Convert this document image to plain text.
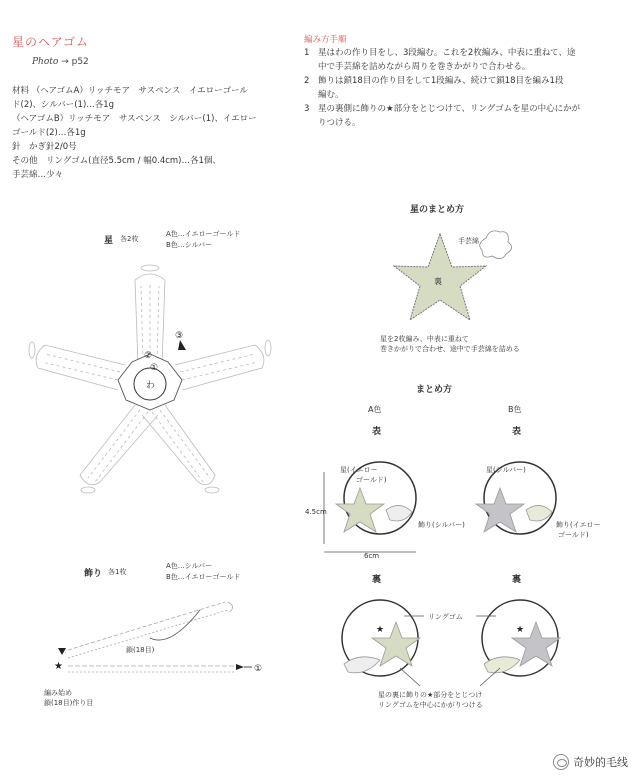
星のヘアゴム
Photo → p52
材料 （ヘアゴムA）リッチモア　サスペンス　イエローゴール
ド(2)、シルバー(1)…各1g
（ヘアゴムB）リッチモア　サスペンス　シルバー(1)、イエロー
ゴールド(2)…各1g
針　かぎ針2/0号
その他　リングゴム(直径5.5cm / 幅0.4cm)…各1個、
手芸綿…少々
編み方手順
1	星はわの作り目をし、3段編む。これを2枚編み、中表に重ねて、途
中で手芸綿を詰めながら周りを巻きかがりで合わせる。
2	飾りは鎖18目の作り目をして1段編み、続けて鎖18目を編み1段
編む。
3	星の裏側に飾りの★部分をとじつけて、リングゴムを星の中心にかが
りつける。
星 各2枚
A色…イエローゴールド
B色…シルバー
わ
③
②
①
飾り 各1枚
A色…シルバー
B色…イエローゴールド
★	①
鎖(18目)
編み始め
鎖(18目)作り目
星のまとめ方
裏
手芸綿
星を2枚編み、中表に重ねて
巻きかがりで合わせ、途中で手芸綿を詰める
まとめ方
A色	B色
表	表
星(イエロー
ゴールド)
飾り(シルバー)
星(シルバー)
飾り(イエロー
ゴールド)
4.5cm
6cm
裏	裏
★	★
リングゴム
星の裏に飾りの★部分をとじつけ
リングゴムを中心にかがりつける
奇妙的毛线
